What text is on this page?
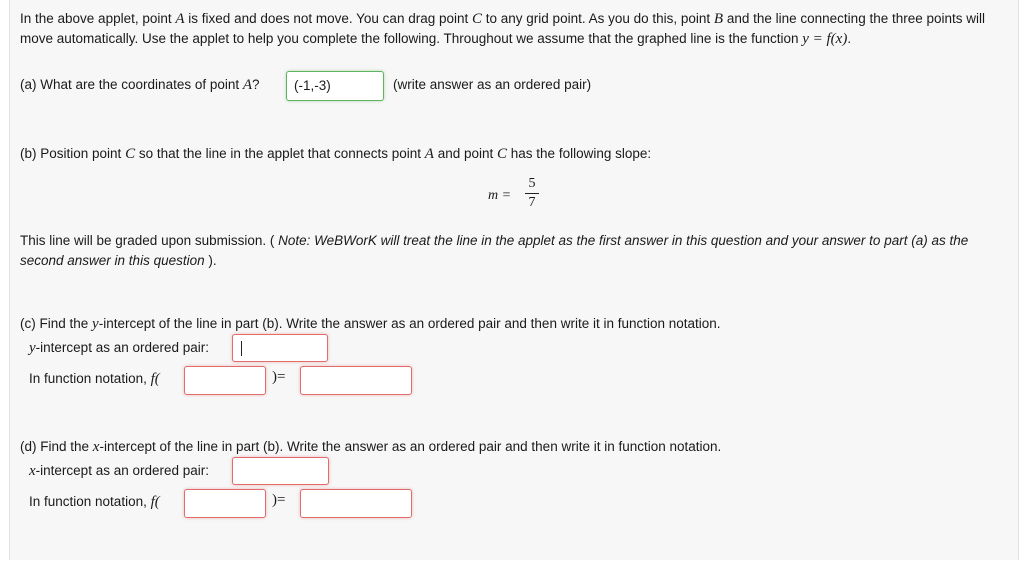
In the above applet, point A is fixed and does not move. You can drag point C to any grid point. As you do this, point B and the line connecting the three points will move automatically. Use the applet to help you complete the following. Throughout we assume that the graphed line is the function y = f(x).
(a) What are the coordinates of point A?	(-1,-3)	(write answer as an ordered pair)
(b) Position point C so that the line in the applet that connects point A and point C has the following slope:
m =
5
7
This line will be graded upon submission. ( Note: WeBWorK will treat the line in the applet as the first answer in this question and your answer to part (a) as the second answer in this question ).
(c) Find the y-intercept of the line in part (b). Write the answer as an ordered pair and then write it in function notation.
y-intercept as an ordered pair:
In function notation, f(	)=
(d) Find the x-intercept of the line in part (b). Write the answer as an ordered pair and then write it in function notation.
x-intercept as an ordered pair:
In function notation, f(	)=
